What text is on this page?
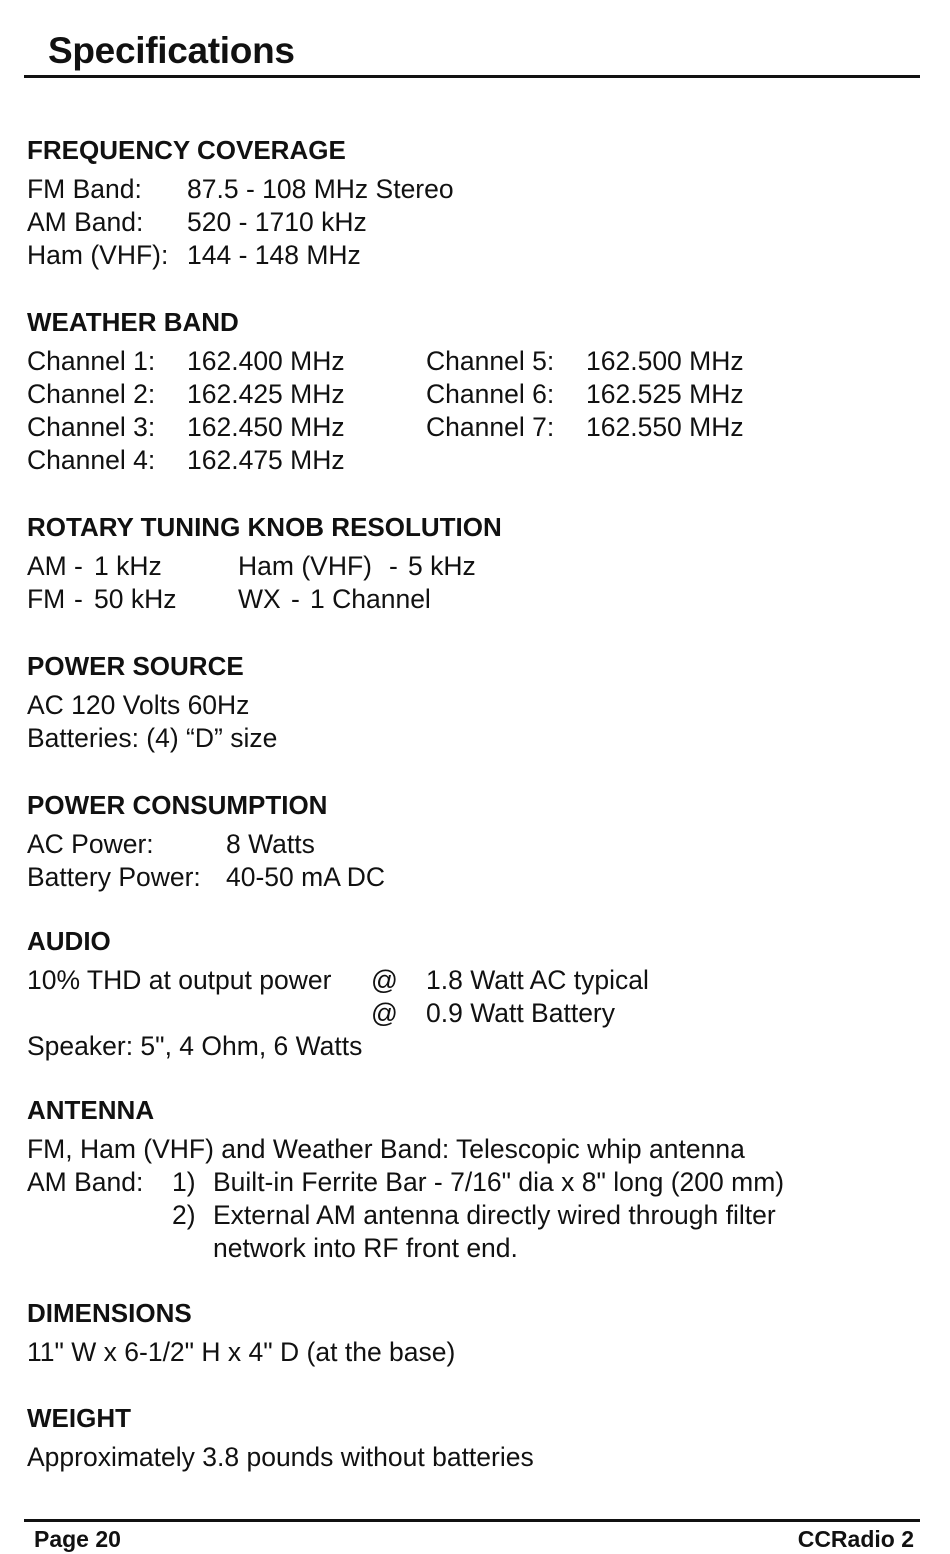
Specifications
FREQUENCY COVERAGE
FM Band: 87.5 - 108 MHz Stereo
AM Band: 520 - 1710 kHz
Ham (VHF): 144 - 148 MHz
WEATHER BAND
Channel 1: 162.400 MHz	Channel 5: 162.500 MHz
Channel 2: 162.425 MHz	Channel 6: 162.525 MHz
Channel 3: 162.450 MHz	Channel 7: 162.550 MHz
Channel 4: 162.475 MHz
ROTARY TUNING KNOB RESOLUTION
AM - 1 kHz	Ham (VHF) - 5 kHz
FM - 50 kHz WX - 1 Channel
POWER SOURCE
AC 120 Volts 60Hz
Batteries: (4) “D” size
POWER CONSUMPTION
AC Power:	8 Watts
Battery Power: 40-50 mA DC
AUDIO
10% THD at output power @ 1.8 Watt AC typical
@ 0.9 Watt Battery
Speaker: 5", 4 Ohm, 6 Watts
ANTENNA
FM, Ham (VHF) and Weather Band: Telescopic whip antenna
AM Band: 1) Built-in Ferrite Bar - 7/16" dia x 8" long (200 mm)
2) External AM antenna directly wired through filter
network into RF front end.
DIMENSIONS
11" W x 6-1/2" H x 4" D (at the base)
WEIGHT
Approximately 3.8 pounds without batteries
Page 20	CCRadio 2
